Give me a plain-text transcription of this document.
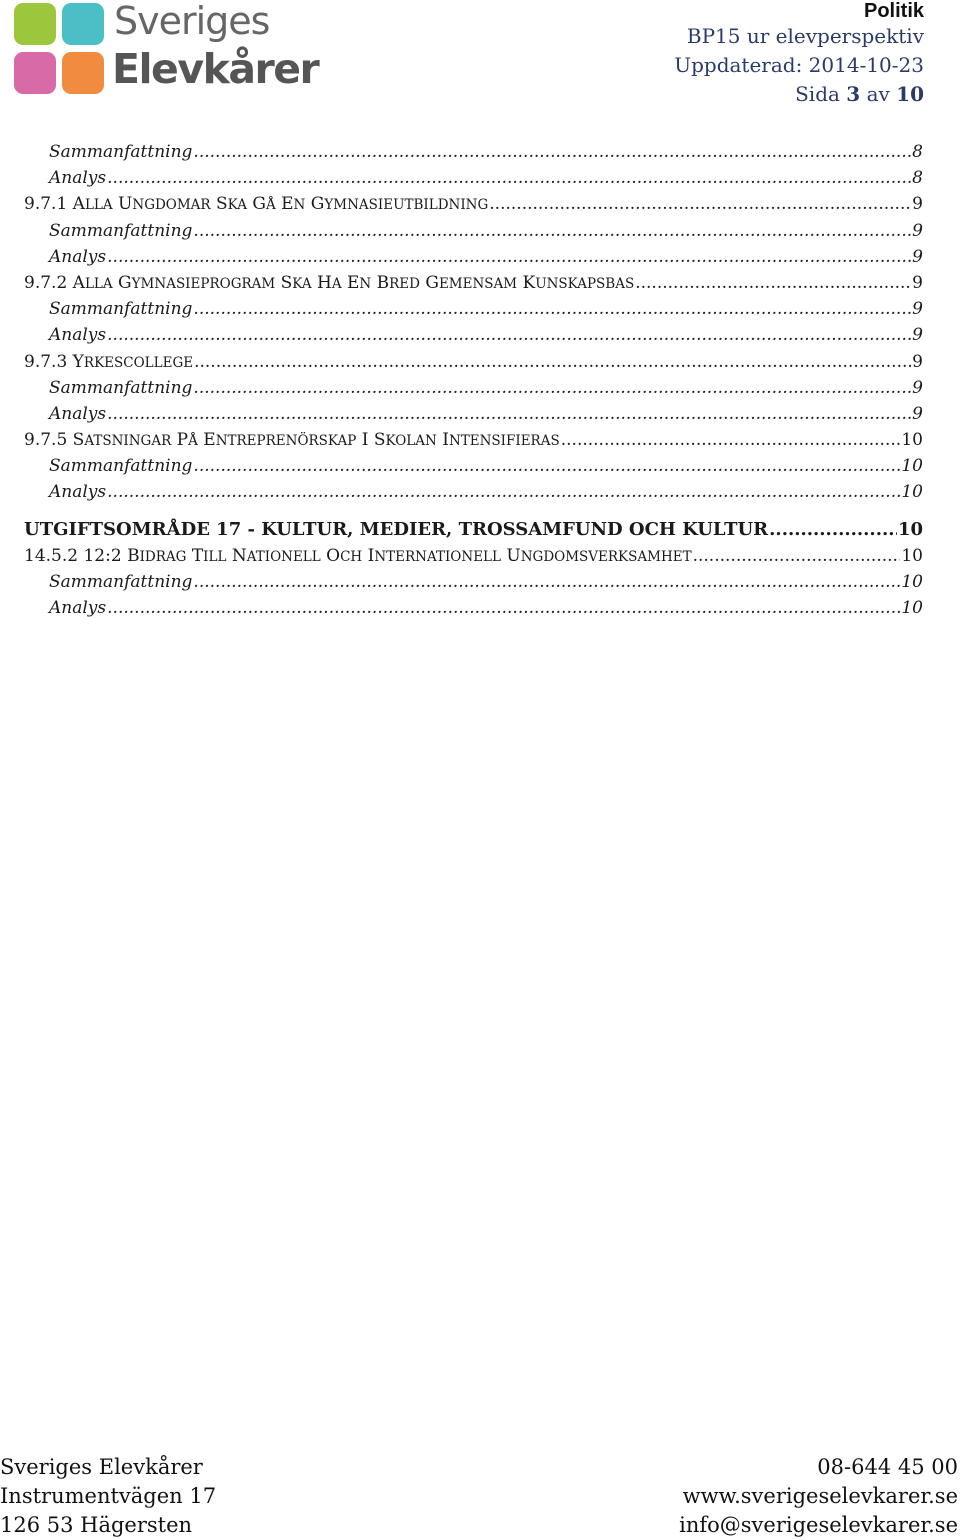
Sveriges
Elevkårer
Politik
BP15 ur elevperspektiv
Uppdaterad: 2014-10-23
Sida 3 av 10
Sammanfattning .....	8
Analys .....	8
9.7.1 ALLA UNGDOMAR SKA GÅ EN GYMNASIEUTBILDNING .....	9
Sammanfattning .....	9
Analys .....	9
9.7.2 ALLA GYMNASIEPROGRAM SKA HA EN BRED GEMENSAM KUNSKAPSBAS .....	9
Sammanfattning .....	9
Analys .....	9
9.7.3 YRKESCOLLEGE .....	9
Sammanfattning .....	9
Analys .....	9
9.7.5 SATSNINGAR PÅ ENTREPRENÖRSKAP I SKOLAN INTENSIFIERAS .....	10
Sammanfattning .....	10
Analys .....	10
UTGIFTSOMRÅDE 17 - KULTUR, MEDIER, TROSSAMFUND OCH KULTUR .....	10
14.5.2 12:2 BIDRAG TILL NATIONELL OCH INTERNATIONELL UNGDOMSVERKSAMHET .....	10
Sammanfattning .....	10
Analys .....	10
Sveriges Elevkårer
Instrumentvägen 17
126 53 Hägersten
08-644 45 00
www.sverigeselevkarer.se
info@sverigeselevkarer.se
